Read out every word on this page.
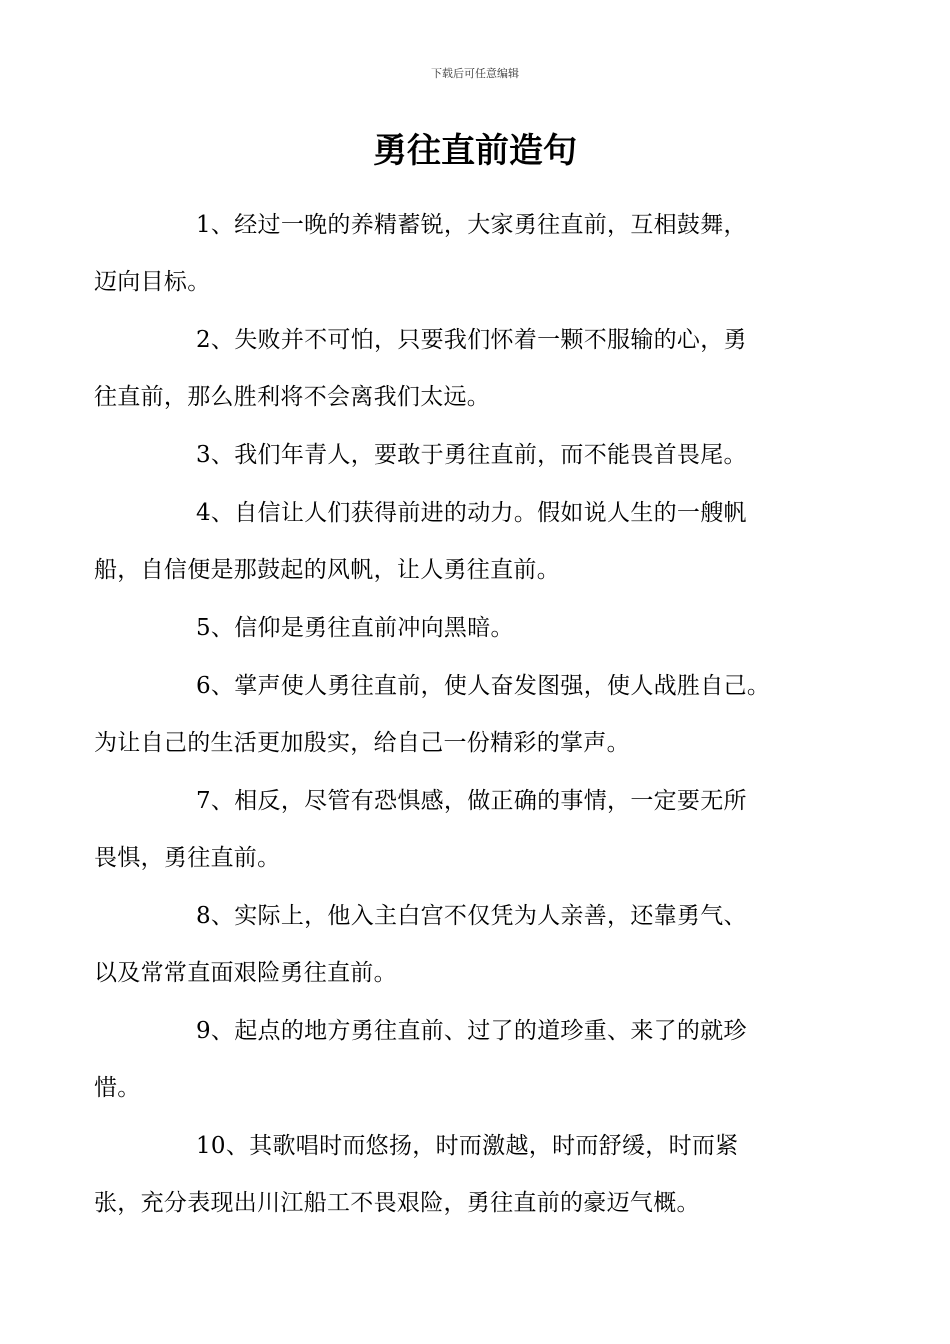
下载后可任意编辑
勇往直前造句

1、经过一晚的养精蓄锐，大家勇往直前，互相鼓舞，
迈向目标。

2、失败并不可怕，只要我们怀着一颗不服输的心，勇
往直前，那么胜利将不会离我们太远。

3、我们年青人，要敢于勇往直前，而不能畏首畏尾。

4、自信让人们获得前进的动力。假如说人生的一艘帆
船，自信便是那鼓起的风帆，让人勇往直前。

5、信仰是勇往直前冲向黑暗。

6、掌声使人勇往直前，使人奋发图强，使人战胜自己。
为让自己的生活更加殷实，给自己一份精彩的掌声。

7、相反，尽管有恐惧感，做正确的事情，一定要无所
畏惧，勇往直前。

8、实际上，他入主白宫不仅凭为人亲善，还靠勇气、
以及常常直面艰险勇往直前。

9、起点的地方勇往直前、过了的道珍重、来了的就珍
惜。

10、其歌唱时而悠扬，时而激越，时而舒缓，时而紧
张，充分表现出川江船工不畏艰险，勇往直前的豪迈气概。
